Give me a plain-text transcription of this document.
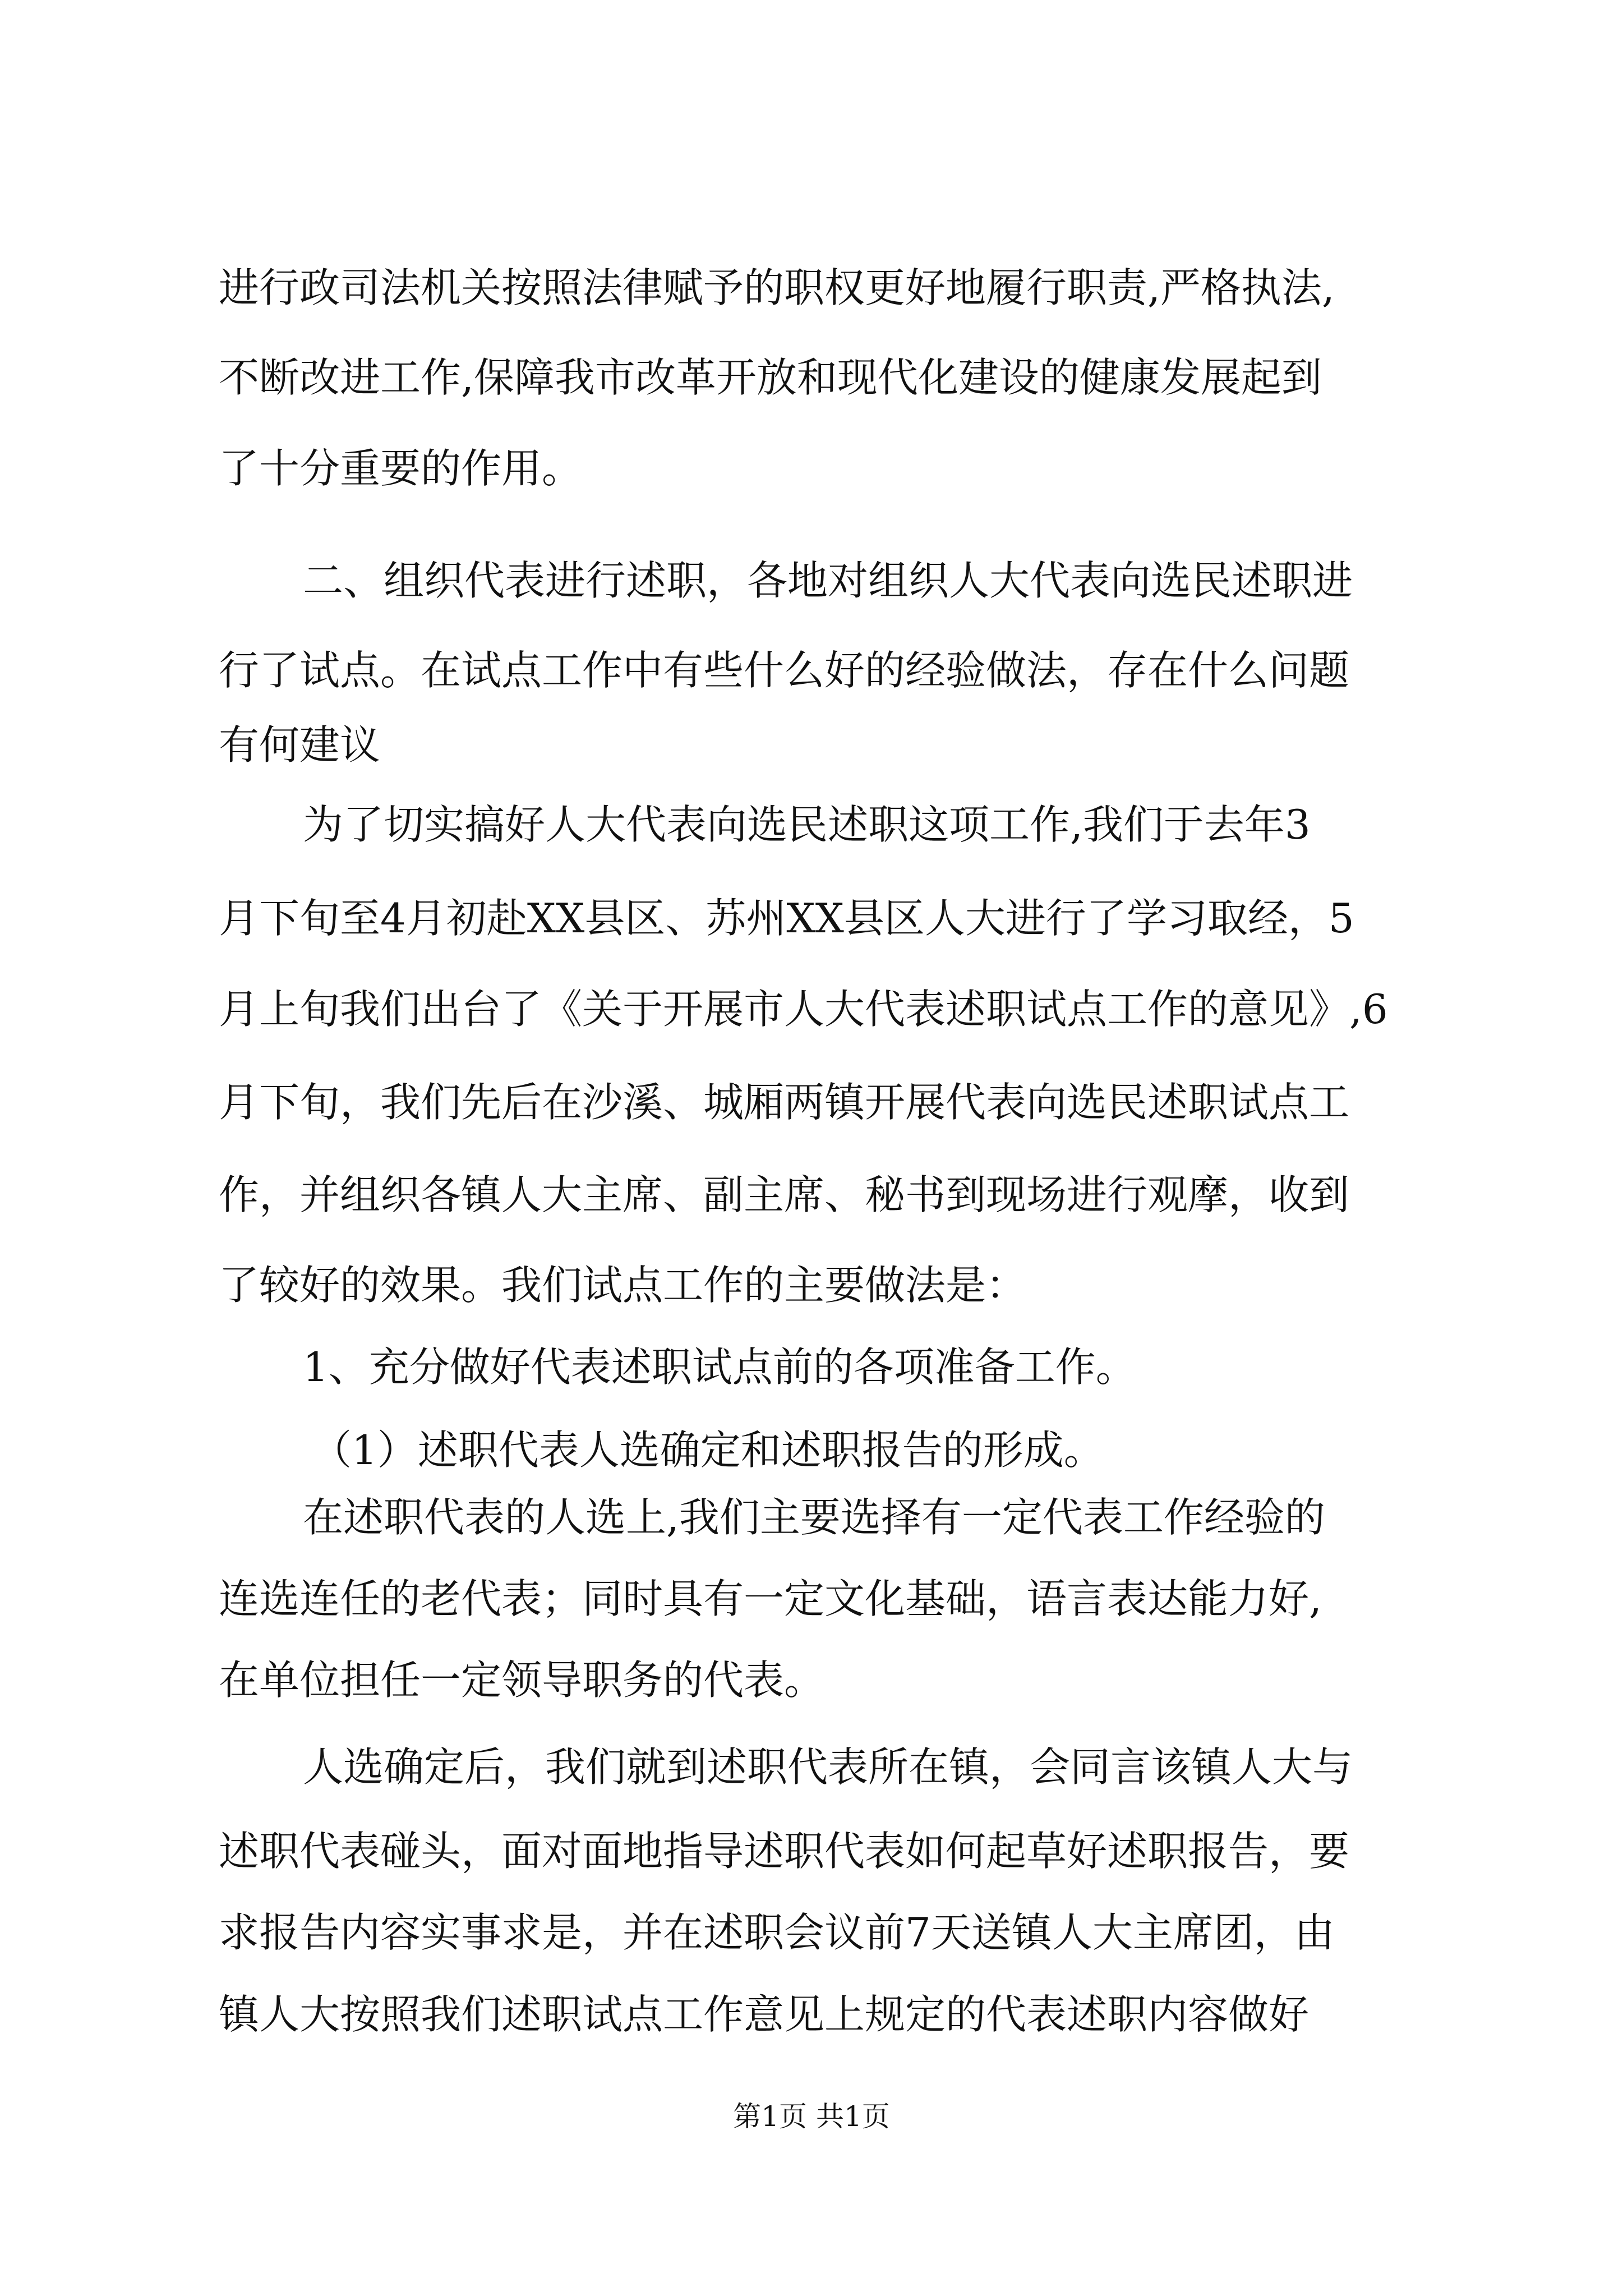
进行政司法机关按照法律赋予的职权更好地履行职责,严格执法,

不断改进工作,保障我市改革开放和现代化建设的健康发展起到

了十分重要的作用。

二、组织代表进行述职，各地对组织人大代表向选民述职进

行了试点。在试点工作中有些什么好的经验做法，存在什么问题

有何建议

为了切实搞好人大代表向选民述职这项工作,我们于去年3

月下旬至4月初赴XX县区、苏州XX县区人大进行了学习取经，5

月上旬我们出台了《关于开展市人大代表述职试点工作的意见》,6

月下旬，我们先后在沙溪、城厢两镇开展代表向选民述职试点工

作，并组织各镇人大主席、副主席、秘书到现场进行观摩，收到

了较好的效果。我们试点工作的主要做法是：

1、充分做好代表述职试点前的各项准备工作。

（1）述职代表人选确定和述职报告的形成。

在述职代表的人选上,我们主要选择有一定代表工作经验的

连选连任的老代表；同时具有一定文化基础，语言表达能力好,

在单位担任一定领导职务的代表。

人选确定后，我们就到述职代表所在镇，会同言该镇人大与

述职代表碰头，面对面地指导述职代表如何起草好述职报告，要

求报告内容实事求是，并在述职会议前7天送镇人大主席团，由

镇人大按照我们述职试点工作意见上规定的代表述职内容做好

第1页 共1页
